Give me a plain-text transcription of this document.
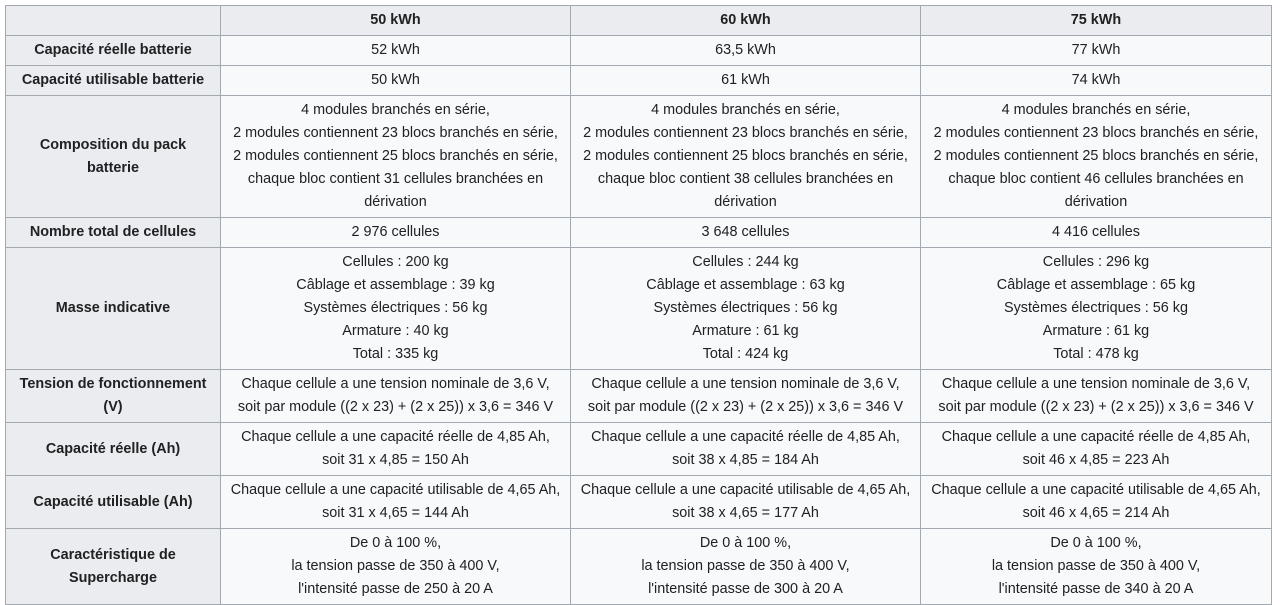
	50 kWh	60 kWh	75 kWh

Capacité réelle batterie	52 kWh	63,5 kWh	77 kWh

Capacité utilisable batterie	50 kWh	61 kWh	74 kWh

Composition du pack
batterie	4 modules branchés en série,
2 modules contiennent 23 blocs branchés en série,
2 modules contiennent 25 blocs branchés en série,
chaque bloc contient 31 cellules branchées en
dérivation	4 modules branchés en série,
2 modules contiennent 23 blocs branchés en série,
2 modules contiennent 25 blocs branchés en série,
chaque bloc contient 38 cellules branchées en
dérivation	4 modules branchés en série,
2 modules contiennent 23 blocs branchés en série,
2 modules contiennent 25 blocs branchés en série,
chaque bloc contient 46 cellules branchées en
dérivation

Nombre total de cellules	2 976 cellules	3 648 cellules	4 416 cellules

Masse indicative	Cellules : 200 kg
Câblage et assemblage : 39 kg
Systèmes électriques : 56 kg
Armature : 40 kg
Total : 335 kg	Cellules : 244 kg
Câblage et assemblage : 63 kg
Systèmes électriques : 56 kg
Armature : 61 kg
Total : 424 kg	Cellules : 296 kg
Câblage et assemblage : 65 kg
Systèmes électriques : 56 kg
Armature : 61 kg
Total : 478 kg

Tension de fonctionnement
(V)	Chaque cellule a une tension nominale de 3,6 V,
soit par module ((2 x 23) + (2 x 25)) x 3,6 = 346 V	Chaque cellule a une tension nominale de 3,6 V,
soit par module ((2 x 23) + (2 x 25)) x 3,6 = 346 V	Chaque cellule a une tension nominale de 3,6 V,
soit par module ((2 x 23) + (2 x 25)) x 3,6 = 346 V

Capacité réelle (Ah)	Chaque cellule a une capacité réelle de 4,85 Ah,
soit 31 x 4,85 = 150 Ah	Chaque cellule a une capacité réelle de 4,85 Ah,
soit 38 x 4,85 = 184 Ah	Chaque cellule a une capacité réelle de 4,85 Ah,
soit 46 x 4,85 = 223 Ah

Capacité utilisable (Ah)	Chaque cellule a une capacité utilisable de 4,65 Ah,
soit 31 x 4,65 = 144 Ah	Chaque cellule a une capacité utilisable de 4,65 Ah,
soit 38 x 4,65 = 177 Ah	Chaque cellule a une capacité utilisable de 4,65 Ah,
soit 46 x 4,65 = 214 Ah

Caractéristique de
Supercharge	De 0 à 100 %,
la tension passe de 350 à 400 V,
l'intensité passe de 250 à 20 A	De 0 à 100 %,
la tension passe de 350 à 400 V,
l'intensité passe de 300 à 20 A	De 0 à 100 %,
la tension passe de 350 à 400 V,
l'intensité passe de 340 à 20 A
